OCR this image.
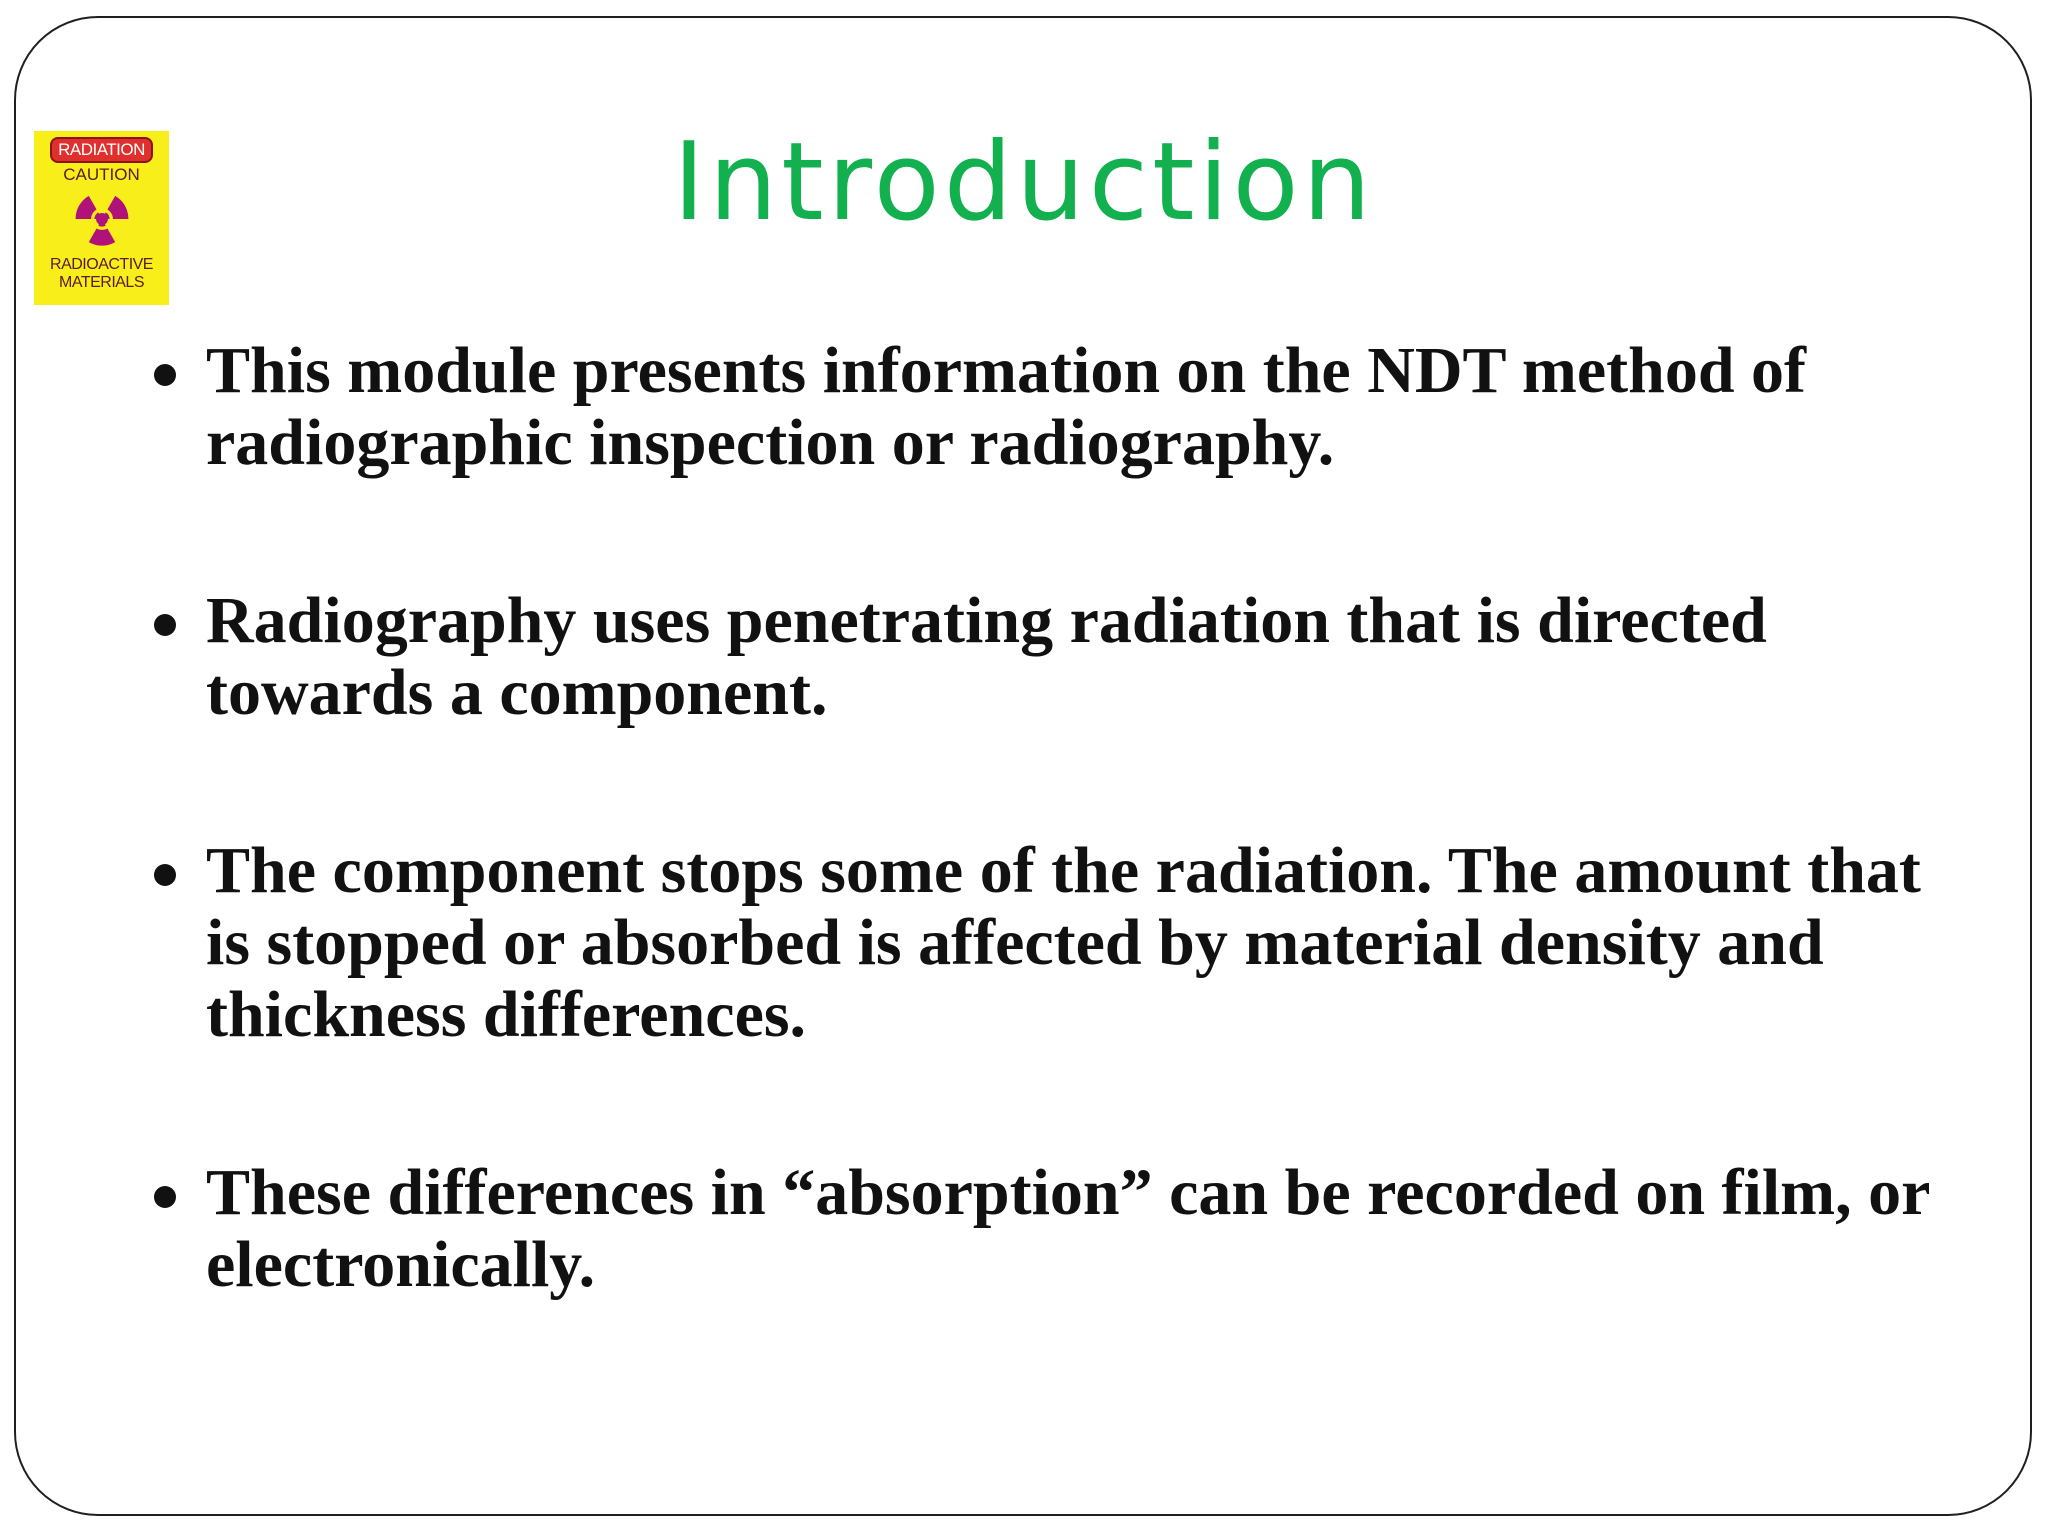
RADIATION
CAUTION
RADIOACTIVE
MATERIALS
Introduction
This module presents information on the NDT method of radiographic inspection or radiography.
Radiography uses penetrating radiation that is directed towards a component.
The component stops some of the radiation. The amount that is stopped or absorbed is affected by material density and thickness differences.
These differences in “absorption” can be recorded on film, or electronically.
